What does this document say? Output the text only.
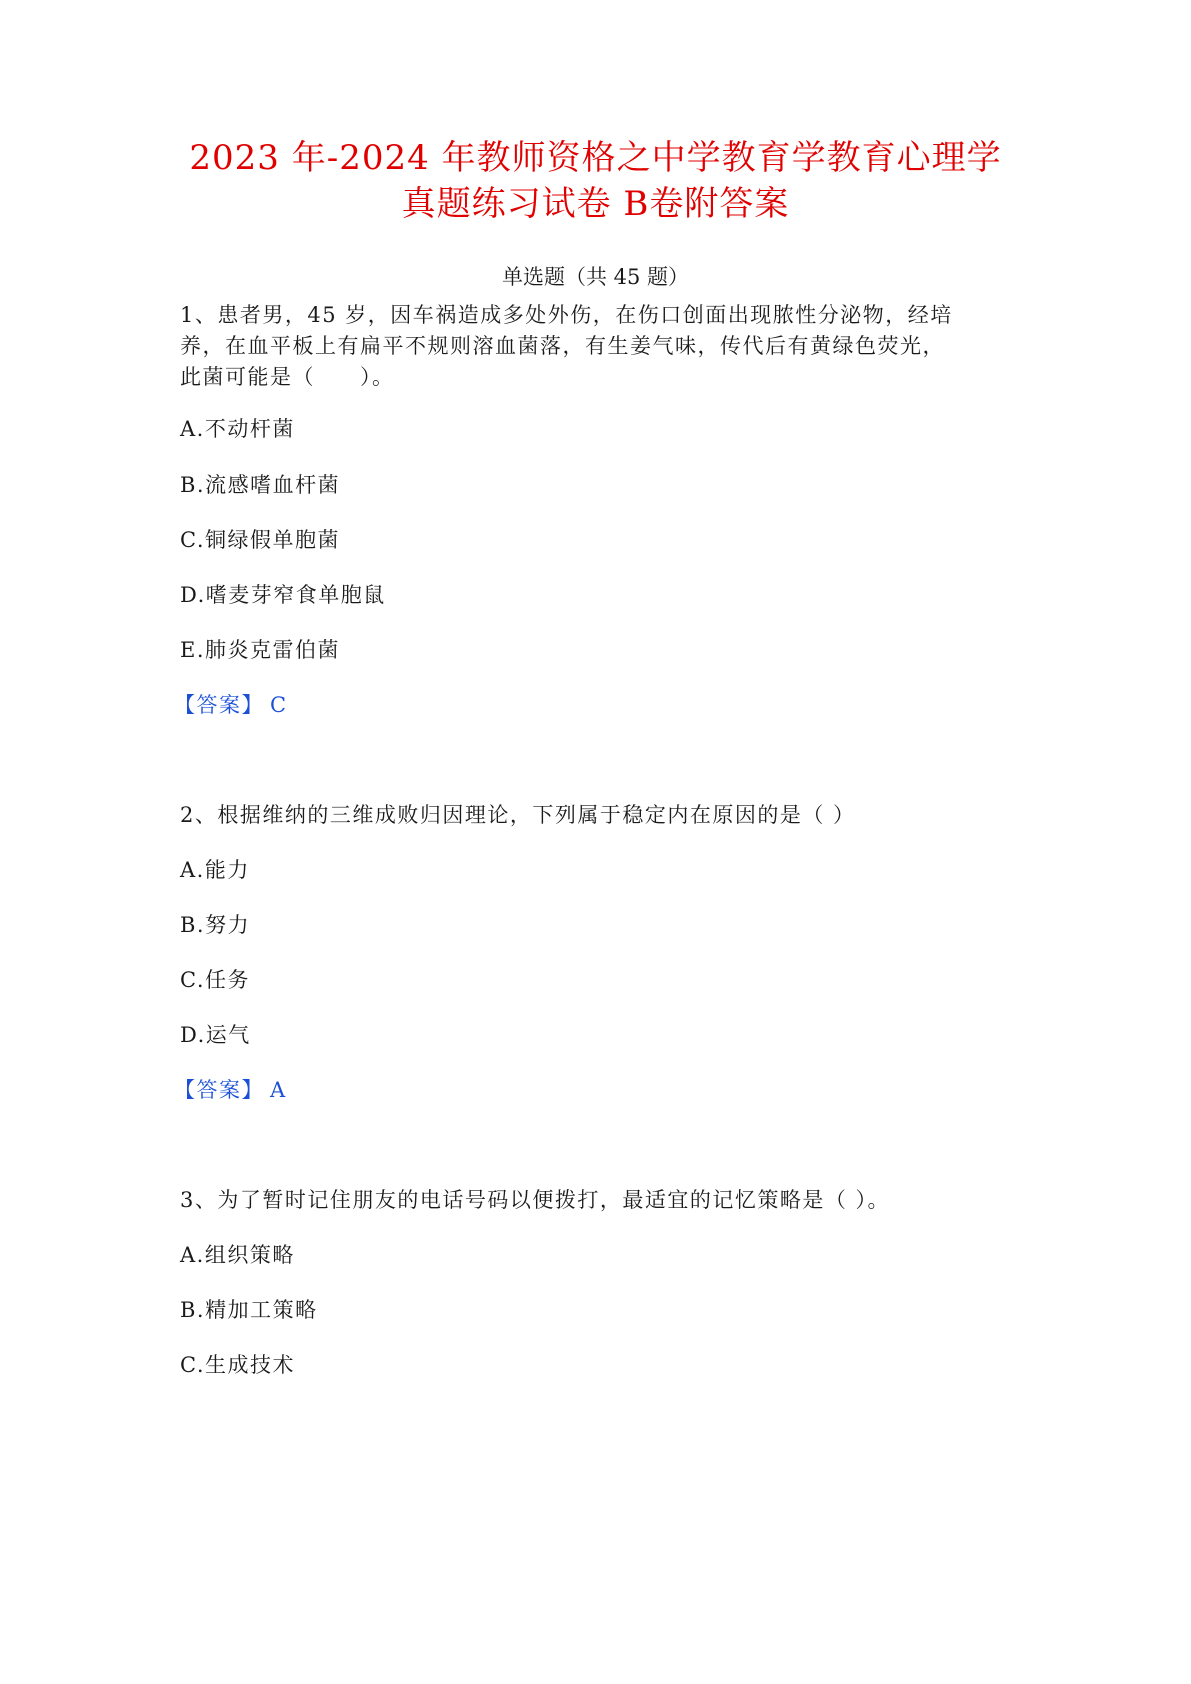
2023 年-2024 年教师资格之中学教育学教育心理学
真题练习试卷 B卷附答案
单选题（共 45 题）
1、患者男，45 岁，因车祸造成多处外伤，在伤口创面出现脓性分泌物，经培
养，在血平板上有扁平不规则溶血菌落，有生姜气味，传代后有黄绿色荧光，
此菌可能是（　　）。
A.不动杆菌
B.流感嗜血杆菌
C.铜绿假单胞菌
D.嗜麦芽窄食单胞鼠
E.肺炎克雷伯菌
【答案】 C
2、根据维纳的三维成败归因理论，下列属于稳定内在原因的是（ ）
A.能力
B.努力
C.任务
D.运气
【答案】 A
3、为了暂时记住朋友的电话号码以便拨打，最适宜的记忆策略是（ ）。
A.组织策略
B.精加工策略
C.生成技术
